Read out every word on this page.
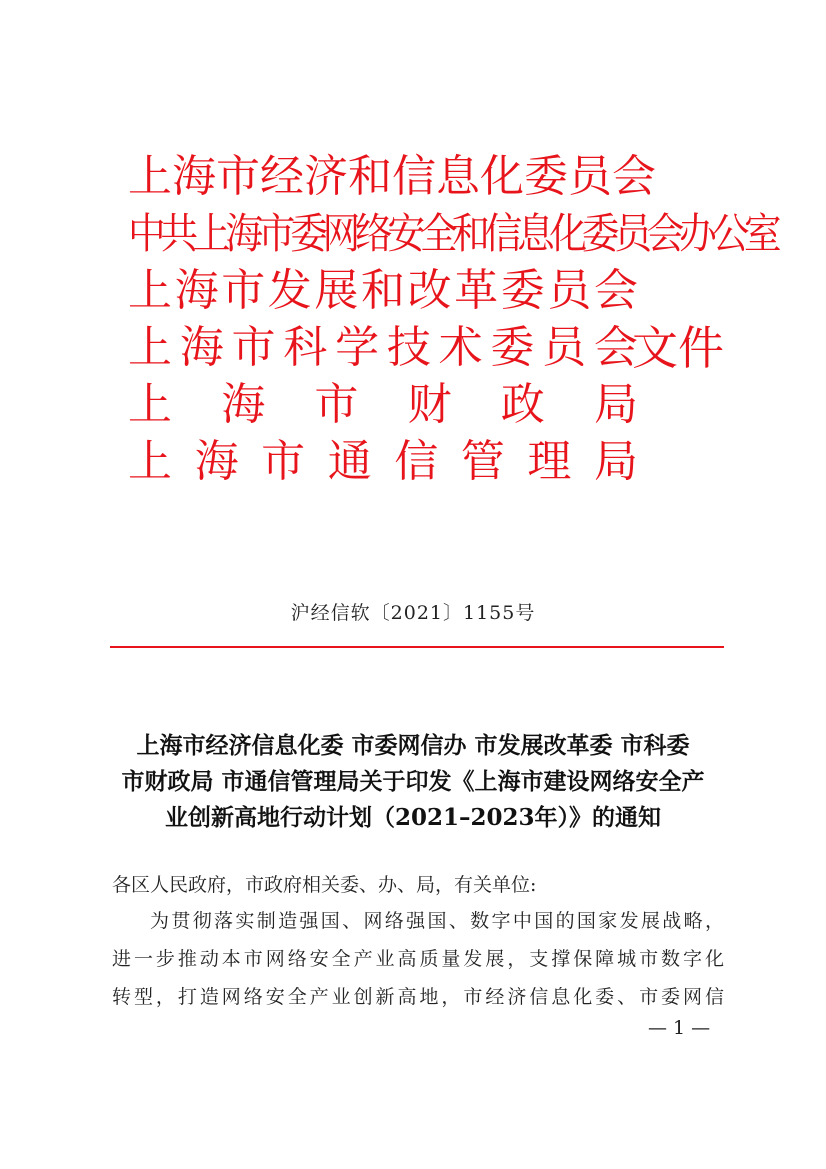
上 海 市 经 济 和 信 息 化 委 员 会
中 共 上 海 市 委 网 络 安 全 和 信 息 化 委 员 会 办 公 室
上 海 市 发 展 和 改 革 委 员 会
上 海 市 科 学 技 术 委 员 会
上 海 市 财 政 局
上 海 市 通 信 管 理 局
文件
沪经信软〔2021〕1155号
上海市经济信息化委 市委网信办 市发展改革委 市科委
市财政局 市通信管理局关于印发《上海市建设网络安全产
业创新高地行动计划（2021–2023年）》的通知
各区人民政府，市政府相关委、办、局，有关单位:
为贯彻落实制造强国、网络强国、数字中国的国家发展战略，
进一步推动本市网络安全产业高质量发展，支撑保障城市数字化
转型，打造网络安全产业创新高地，市经济信息化委、市委网信
— 1 —
